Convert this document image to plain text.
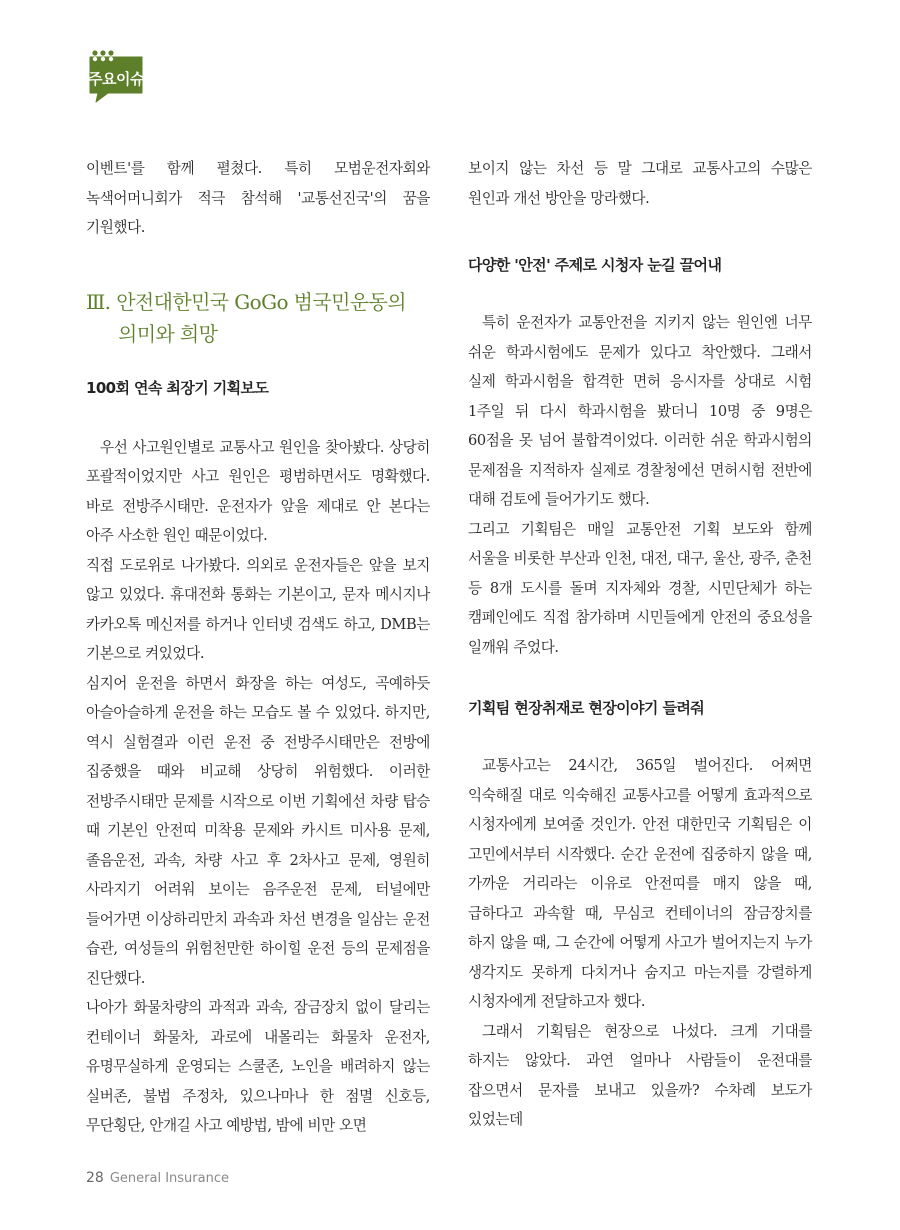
주요이슈

이벤트'를 함께 펼쳤다. 특히 모범운전자회와 녹색어머니회가 적극 참석해 '교통선진국'의 꿈을 기원했다.

Ⅲ. 안전대한민국 GoGo 범국민운동의
의미와 희망

100회 연속 최장기 기획보도

우선 사고원인별로 교통사고 원인을 찾아봤다. 상당히 포괄적이었지만 사고 원인은 평범하면서도 명확했다. 바로 전방주시태만. 운전자가 앞을 제대로 안 본다는 아주 사소한 원인 때문이었다.

직접 도로위로 나가봤다. 의외로 운전자들은 앞을 보지 않고 있었다. 휴대전화 통화는 기본이고, 문자 메시지나 카카오톡 메신저를 하거나 인터넷 검색도 하고, DMB는 기본으로 켜있었다.

심지어 운전을 하면서 화장을 하는 여성도, 곡예하듯 아슬아슬하게 운전을 하는 모습도 볼 수 있었다. 하지만, 역시 실험결과 이런 운전 중 전방주시태만은 전방에 집중했을 때와 비교해 상당히 위험했다. 이러한 전방주시태만 문제를 시작으로 이번 기획에선 차량 탑승 때 기본인 안전띠 미착용 문제와 카시트 미사용 문제, 졸음운전, 과속, 차량 사고 후 2차사고 문제, 영원히 사라지기 어려워 보이는 음주운전 문제, 터널에만 들어가면 이상하리만치 과속과 차선 변경을 일삼는 운전 습관, 여성들의 위험천만한 하이힐 운전 등의 문제점을 진단했다.

나아가 화물차량의 과적과 과속, 잠금장치 없이 달리는 컨테이너 화물차, 과로에 내몰리는 화물차 운전자, 유명무실하게 운영되는 스쿨존, 노인을 배려하지 않는 실버존, 불법 주정차, 있으나마나 한 점멸 신호등, 무단횡단, 안개길 사고 예방법, 밤에 비만 오면

보이지 않는 차선 등 말 그대로 교통사고의 수많은 원인과 개선 방안을 망라했다.

다양한 '안전' 주제로 시청자 눈길 끌어내

특히 운전자가 교통안전을 지키지 않는 원인엔 너무 쉬운 학과시험에도 문제가 있다고 착안했다. 그래서 실제 학과시험을 합격한 면허 응시자를 상대로 시험 1주일 뒤 다시 학과시험을 봤더니 10명 중 9명은 60점을 못 넘어 불합격이었다. 이러한 쉬운 학과시험의 문제점을 지적하자 실제로 경찰청에선 면허시험 전반에 대해 검토에 들어가기도 했다.

그리고 기획팀은 매일 교통안전 기획 보도와 함께 서울을 비롯한 부산과 인천, 대전, 대구, 울산, 광주, 춘천 등 8개 도시를 돌며 지자체와 경찰, 시민단체가 하는 캠페인에도 직접 참가하며 시민들에게 안전의 중요성을 일깨워 주었다.

기획팀 현장취재로 현장이야기 들려줘

교통사고는 24시간, 365일 벌어진다. 어쩌면 익숙해질 대로 익숙해진 교통사고를 어떻게 효과적으로 시청자에게 보여줄 것인가. 안전 대한민국 기획팀은 이 고민에서부터 시작했다. 순간 운전에 집중하지 않을 때, 가까운 거리라는 이유로 안전띠를 매지 않을 때, 급하다고 과속할 때, 무심코 컨테이너의 잠금장치를 하지 않을 때, 그 순간에 어떻게 사고가 벌어지는지 누가 생각지도 못하게 다치거나 숨지고 마는지를 강렬하게 시청자에게 전달하고자 했다.

그래서 기획팀은 현장으로 나섰다. 크게 기대를 하지는 않았다. 과연 얼마나 사람들이 운전대를 잡으면서 문자를 보내고 있을까? 수차례 보도가 있었는데

28 General Insurance
